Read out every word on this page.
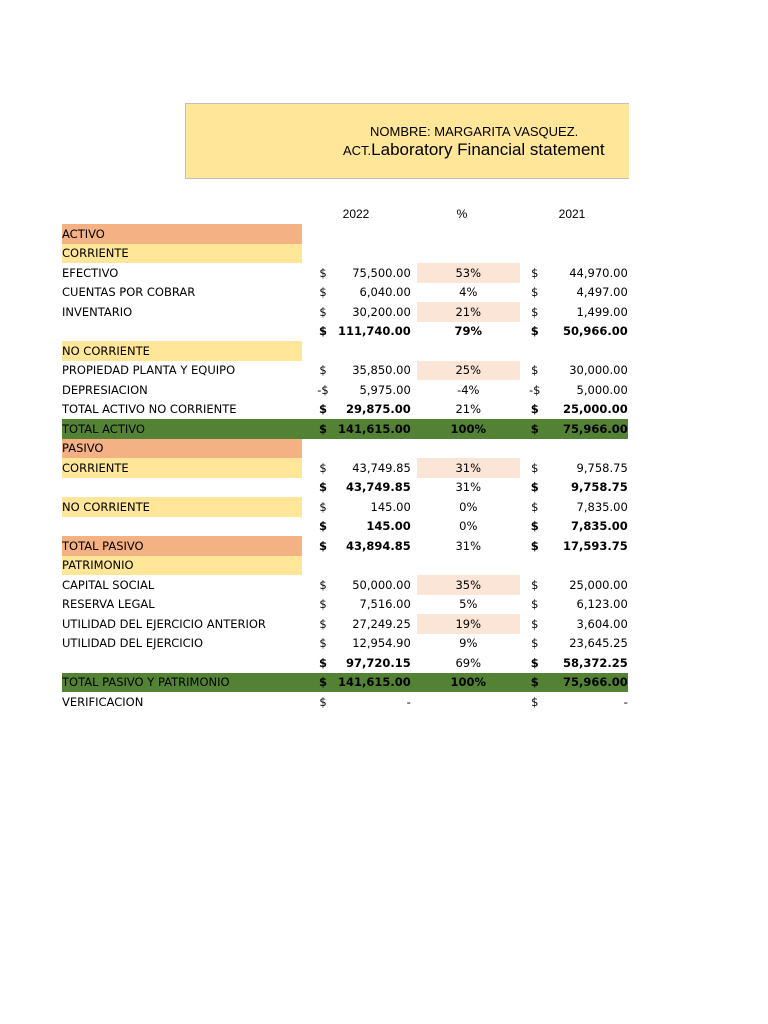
NOMBRE: MARGARITA VASQUEZ.
ACT.Laboratory Financial statement
2022	%	2021
ACTIVO							
CORRIENTE							
EFECTIVO		$	75,500.00		53%	$	44,970.00
CUENTAS POR COBRAR		$	6,040.00		4%	$	4,497.00
INVENTARIO		$	30,200.00		21%	$	1,499.00
		$	111,740.00		79%	$	50,966.00
NO CORRIENTE							
PROPIEDAD PLANTA Y EQUIPO		$	35,850.00		25%	$	30,000.00
DEPRESIACION		-$	5,975.00		-4%	-$	5,000.00
TOTAL ACTIVO NO CORRIENTE		$	29,875.00		21%	$	25,000.00
TOTAL ACTIVO		$	141,615.00		100%	$	75,966.00
PASIVO							
CORRIENTE		$	43,749.85		31%	$	9,758.75
		$	43,749.85		31%	$	9,758.75
NO CORRIENTE		$	145.00		0%	$	7,835.00
		$	145.00		0%	$	7,835.00
TOTAL PASIVO		$	43,894.85		31%	$	17,593.75
PATRIMONIO							
CAPITAL SOCIAL		$	50,000.00		35%	$	25,000.00
RESERVA LEGAL		$	7,516.00		5%	$	6,123.00
UTILIDAD DEL EJERCICIO ANTERIOR		$	27,249.25		19%	$	3,604.00
UTILIDAD DEL EJERCICIO		$	12,954.90		9%	$	23,645.25
		$	97,720.15		69%	$	58,372.25
TOTAL PASIVO Y PATRIMONIO		$	141,615.00		100%	$	75,966.00
VERIFICACION		$	-			$	-
